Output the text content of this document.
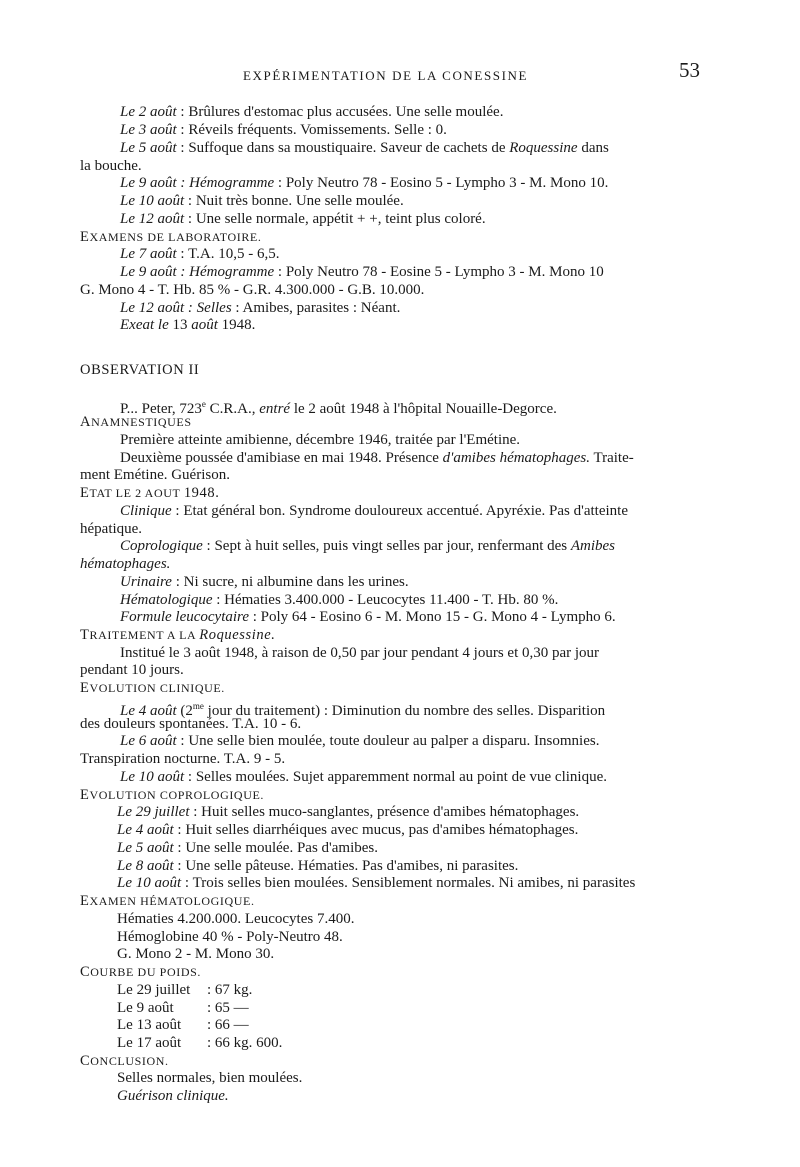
EXPÉRIMENTATION DE LA CONESSINE	53
Le 2 août : Brûlures d'estomac plus accusées. Une selle moulée.
Le 3 août : Réveils fréquents. Vomissements. Selle : 0.
Le 5 août : Suffoque dans sa moustiquaire. Saveur de cachets de Roquessine dans
la bouche.
Le 9 août : Hémogramme : Poly Neutro 78 - Eosino 5 - Lympho 3 - M. Mono 10.
Le 10 août : Nuit très bonne. Une selle moulée.
Le 12 août : Une selle normale, appétit + +, teint plus coloré.
EXAMENS DE LABORATOIRE.
Le 7 août : T.A. 10,5 - 6,5.
Le 9 août : Hémogramme : Poly Neutro 78 - Eosine 5 - Lympho 3 - M. Mono 10
G. Mono 4 - T. Hb. 85 % - G.R. 4.300.000 - G.B. 10.000.
Le 12 août : Selles : Amibes, parasites : Néant.
Exeat le 13 août 1948.
OBSERVATION II
P... Peter, 723e C.R.A., entré le 2 août 1948 à l'hôpital Nouaille-Degorce.
ANAMNESTIQUES
Première atteinte amibienne, décembre 1946, traitée par l'Emétine.
Deuxième poussée d'amibiase en mai 1948. Présence d'amibes hématophages. Traite-
ment Emétine. Guérison.
ETAT LE 2 AOUT 1948.
Clinique : Etat général bon. Syndrome douloureux accentué. Apyréxie. Pas d'atteinte
hépatique.
Coprologique : Sept à huit selles, puis vingt selles par jour, renfermant des Amibes
hématophages.
Urinaire : Ni sucre, ni albumine dans les urines.
Hématologique : Hématies 3.400.000 - Leucocytes 11.400 - T. Hb. 80 %.
Formule leucocytaire : Poly 64 - Eosino 6 - M. Mono 15 - G. Mono 4 - Lympho 6.
TRAITEMENT A LA Roquessine.
Institué le 3 août 1948, à raison de 0,50 par jour pendant 4 jours et 0,30 par jour
pendant 10 jours.
EVOLUTION CLINIQUE.
Le 4 août ($2^{me}$ jour du traitement) : Diminution du nombre des selles. Disparition
des douleurs spontanées. T.A. 10 - 6.
Le 6 août : Une selle bien moulée, toute douleur au palper a disparu. Insomnies.
Transpiration nocturne. T.A. 9 - 5.
Le 10 août : Selles moulées. Sujet apparemment normal au point de vue clinique.
EVOLUTION COPROLOGIQUE.
Le 29 juillet : Huit selles muco-sanglantes, présence d'amibes hématophages.
Le 4 août : Huit selles diarrhéiques avec mucus, pas d'amibes hématophages.
Le 5 août : Une selle moulée. Pas d'amibes.
Le 8 août : Une selle pâteuse. Hématies. Pas d'amibes, ni parasites.
Le 10 août : Trois selles bien moulées. Sensiblement normales. Ni amibes, ni parasites
EXAMEN HÉMATOLOGIQUE.
Hématies 4.200.000. Leucocytes 7.400.
Hémoglobine 40 % - Poly-Neutro 48.
G. Mono 2 - M. Mono 30.
COURBE DU POIDS.
Le 29 juillet : 67 kg.
Le 9 août : 65 —
Le 13 août : 66 —
Le 17 août : 66 kg. 600.
CONCLUSION.
Selles normales, bien moulées.
Guérison clinique.
